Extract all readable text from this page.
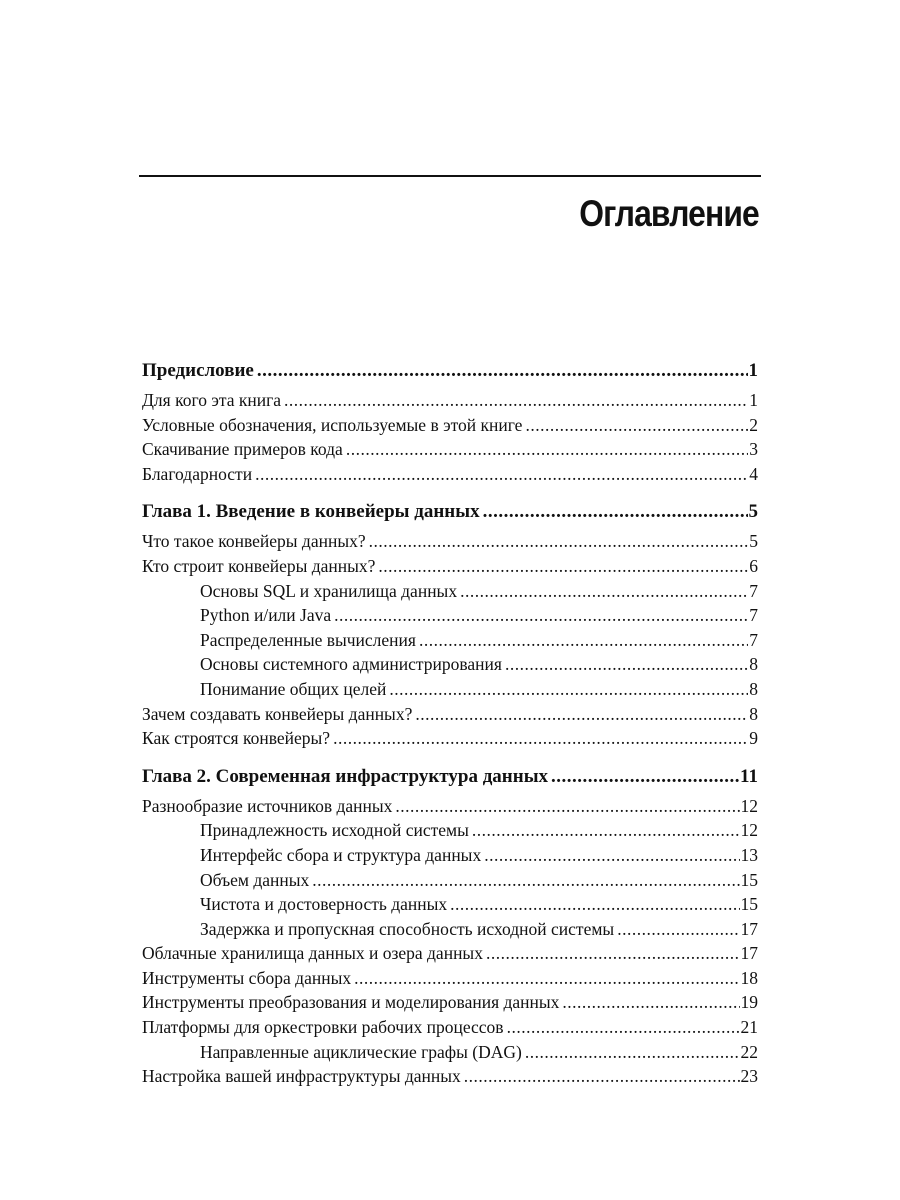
Оглавление
Предисловие .....	1
Для кого эта книга .....	1
Условные обозначения, используемые в этой книге .....	2
Скачивание примеров кода .....	3
Благодарности .....	4
Глава 1. Введение в конвейеры данных .....	5
Что такое конвейеры данных? .....	5
Кто строит конвейеры данных? .....	6
Основы SQL и хранилища данных .....	7
Python и/или Java .....	7
Распределенные вычисления .....	7
Основы системного администрирования .....	8
Понимание общих целей .....	8
Зачем создавать конвейеры данных? .....	8
Как строятся конвейеры? .....	9
Глава 2. Современная инфраструктура данных .....	11
Разнообразие источников данных .....	12
Принадлежность исходной системы .....	12
Интерфейс сбора и структура данных .....	13
Объем данных .....	15
Чистота и достоверность данных .....	15
Задержка и пропускная способность исходной системы .....	17
Облачные хранилища данных и озера данных .....	17
Инструменты сбора данных .....	18
Инструменты преобразования и моделирования данных .....	19
Платформы для оркестровки рабочих процессов .....	21
Направленные ациклические графы (DAG) .....	22
Настройка вашей инфраструктуры данных .....	23
